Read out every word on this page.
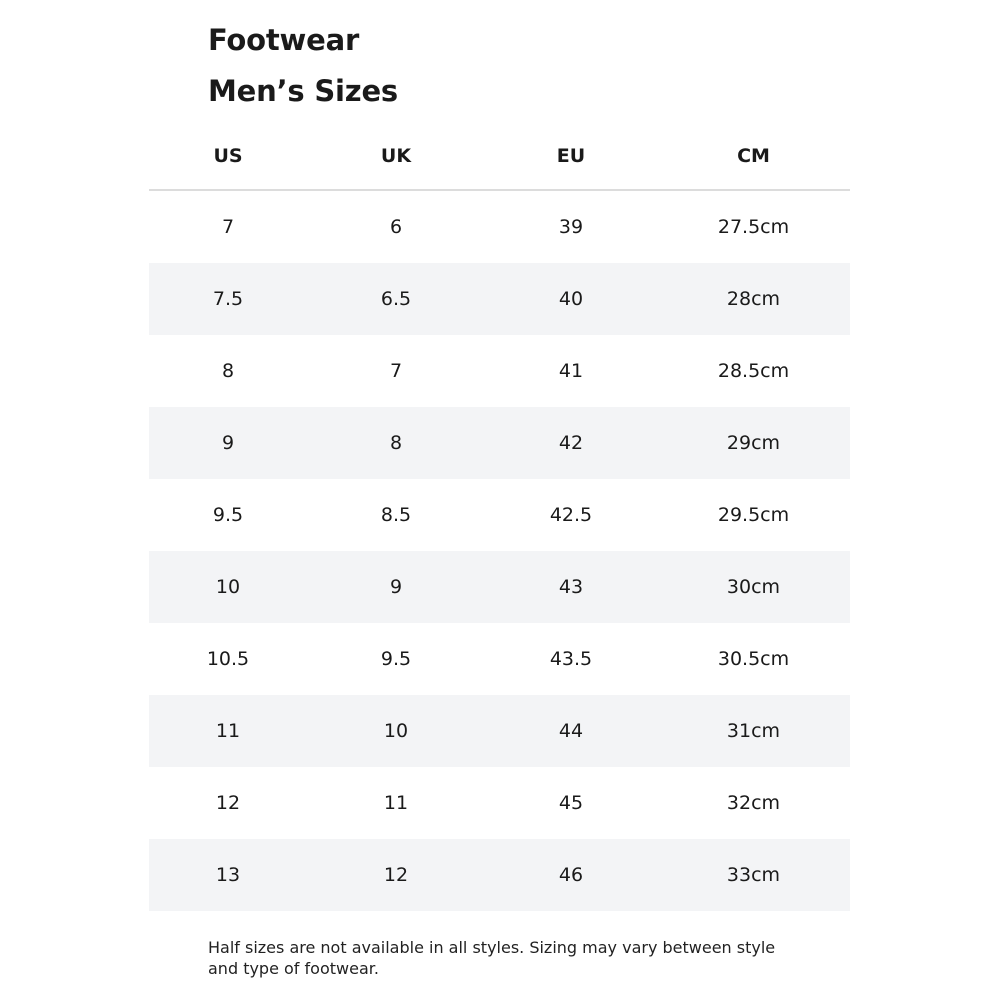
Footwear
Men’s Sizes
US	UK	EU	CM
7	6	39	27.5cm
7.5	6.5	40	28cm
8	7	41	28.5cm
9	8	42	29cm
9.5	8.5	42.5	29.5cm
10	9	43	30cm
10.5	9.5	43.5	30.5cm
11	10	44	31cm
12	11	45	32cm
13	12	46	33cm
Half sizes are not available in all styles. Sizing may vary between style and type of footwear.
